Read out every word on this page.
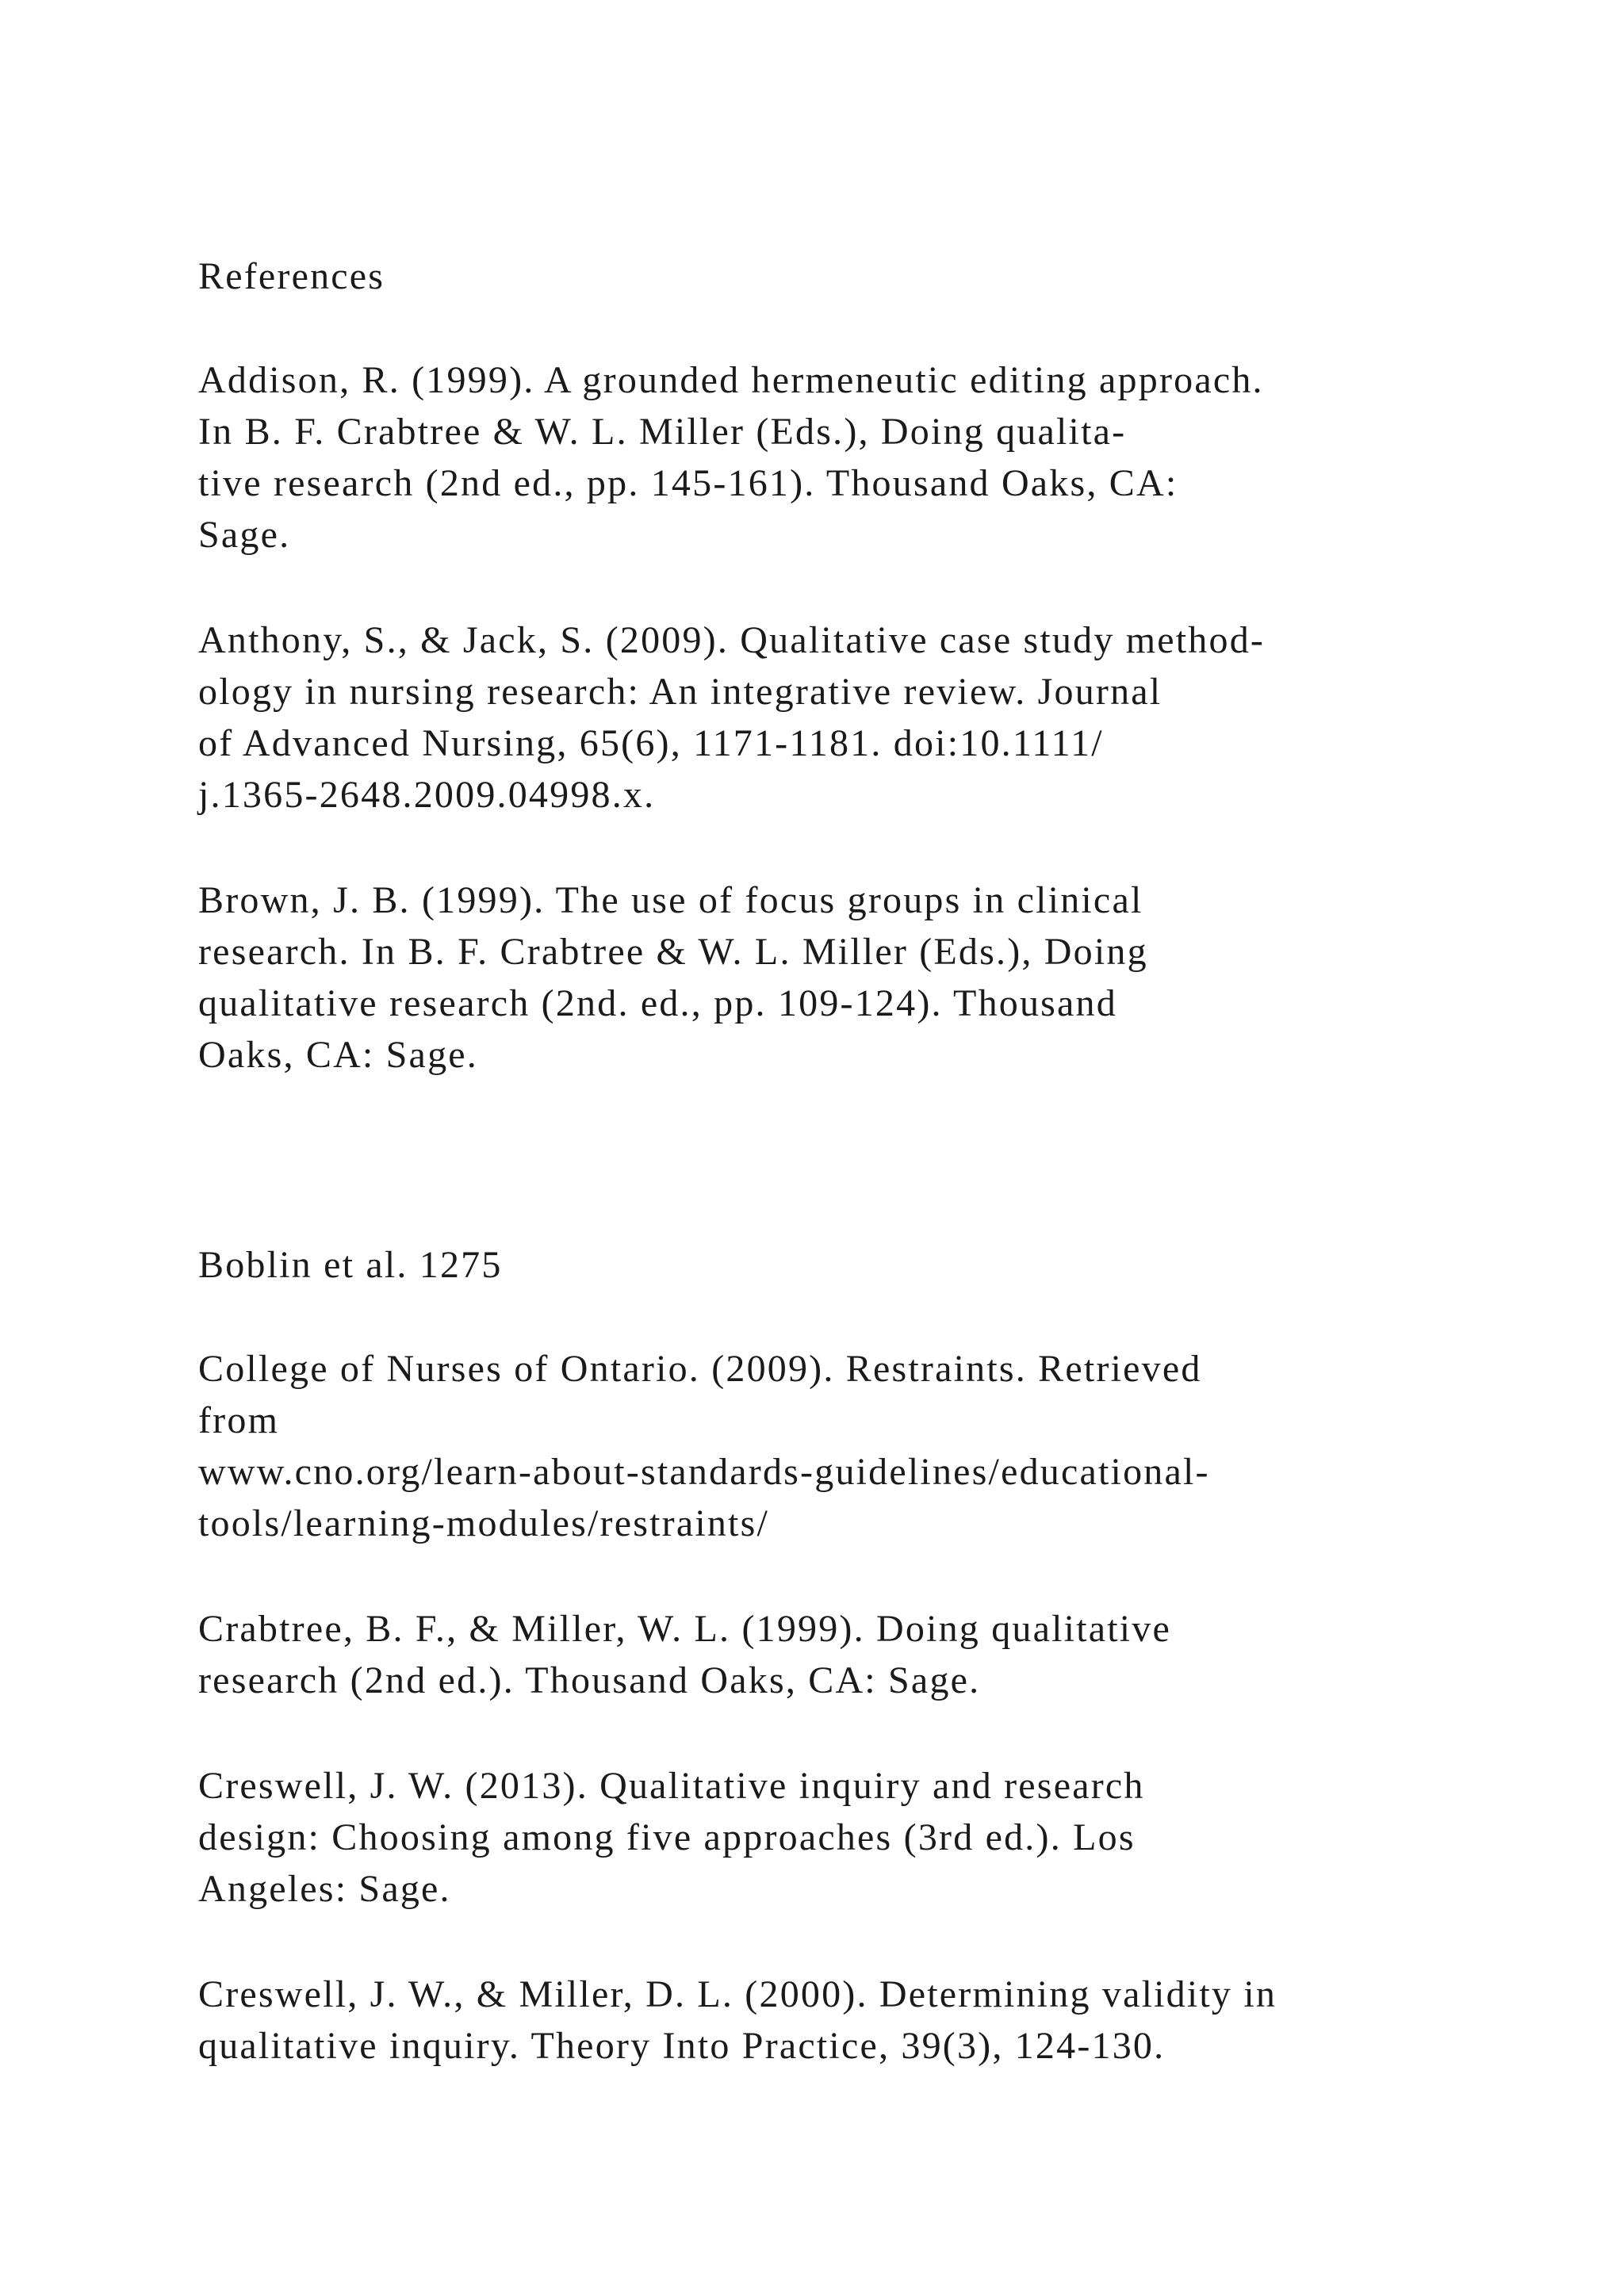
References
Addison, R. (1999). A grounded hermeneutic editing approach.
In B. F. Crabtree & W. L. Miller (Eds.), Doing qualita-
tive research (2nd ed., pp. 145-161). Thousand Oaks, CA:
Sage.
Anthony, S., & Jack, S. (2009). Qualitative case study method-
ology in nursing research: An integrative review. Journal
of Advanced Nursing, 65(6), 1171-1181. doi:10.1111/
j.1365-2648.2009.04998.x.
Brown, J. B. (1999). The use of focus groups in clinical
research. In B. F. Crabtree & W. L. Miller (Eds.), Doing
qualitative research (2nd. ed., pp. 109-124). Thousand
Oaks, CA: Sage.
Boblin et al. 1275
College of Nurses of Ontario. (2009). Restraints. Retrieved
from
www.cno.org/learn-about-standards-guidelines/educational-
tools/learning-modules/restraints/
Crabtree, B. F., & Miller, W. L. (1999). Doing qualitative
research (2nd ed.). Thousand Oaks, CA: Sage.
Creswell, J. W. (2013). Qualitative inquiry and research
design: Choosing among five approaches (3rd ed.). Los
Angeles: Sage.
Creswell, J. W., & Miller, D. L. (2000). Determining validity in
qualitative inquiry. Theory Into Practice, 39(3), 124-130.
